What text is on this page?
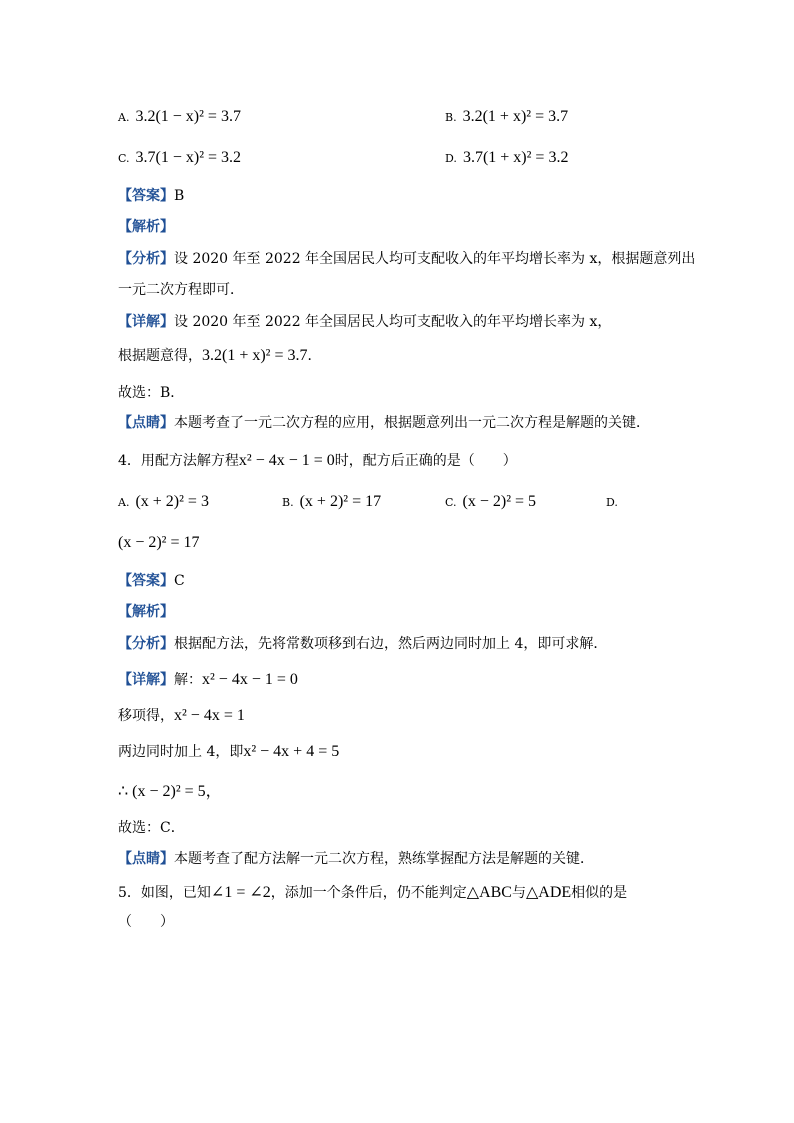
A. 3.2(1 − x)² = 3.7	B. 3.2(1 + x)² = 3.7
C. 3.7(1 − x)² = 3.2	D. 3.7(1 + x)² = 3.2
【答案】B
【解析】
【分析】设 2020 年至 2022 年全国居民人均可支配收入的年平均增长率为 x，根据题意列出
一元二次方程即可．
【详解】设 2020 年至 2022 年全国居民人均可支配收入的年平均增长率为 x，
根据题意得，3.2(1 + x)² = 3.7．
故选：B．
【点睛】本题考查了一元二次方程的应用，根据题意列出一元二次方程是解题的关键．
4．用配方法解方程x² − 4x − 1 = 0时，配方后正确的是（　　）
A. (x + 2)² = 3	B. (x + 2)² = 17	C. (x − 2)² = 5	D.
(x − 2)² = 17
【答案】C
【解析】
【分析】根据配方法，先将常数项移到右边，然后两边同时加上 4，即可求解．
【详解】解：x² − 4x − 1 = 0
移项得，x² − 4x = 1
两边同时加上 4，即x² − 4x + 4 = 5
∴ (x − 2)² = 5，
故选：C．
【点睛】本题考查了配方法解一元二次方程，熟练掌握配方法是解题的关键．
5．如图，已知∠1 = ∠2，添加一个条件后，仍不能判定△ABC与△ADE相似的是
（　　）
